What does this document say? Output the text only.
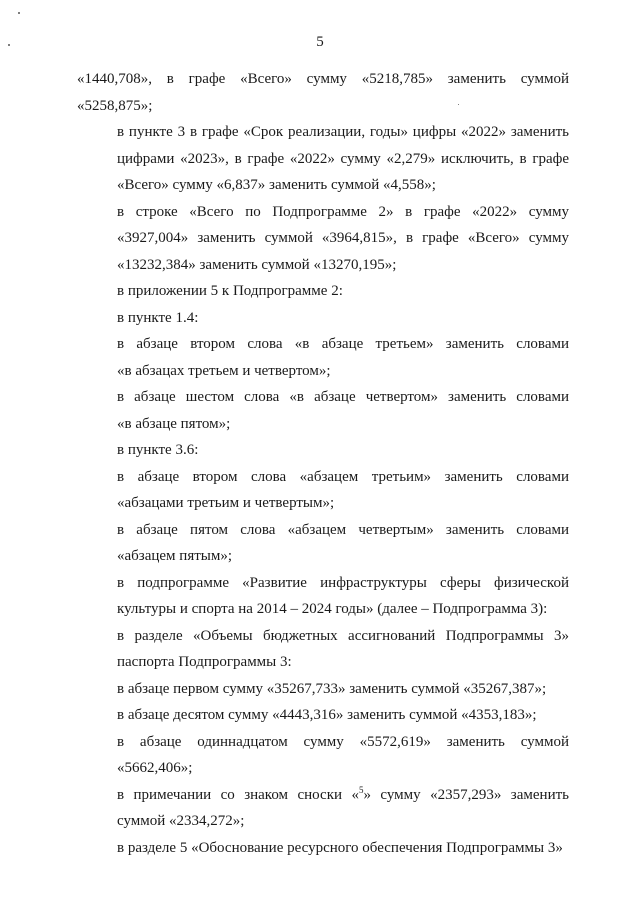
5

«1440,708», в графе «Всего» сумму «5218,785» заменить суммой
«5258,875»;

в пункте 3 в графе «Срок реализации, годы» цифры «2022» заменить
цифрами «2023», в графе «2022» сумму «2,279» исключить, в графе
«Всего» сумму «6,837» заменить суммой «4,558»;

в строке «Всего по Подпрограмме 2» в графе «2022» сумму
«3927,004» заменить суммой «3964,815», в графе «Всего» сумму
«13232,384» заменить суммой «13270,195»;

в приложении 5 к Подпрограмме 2:

в пункте 1.4:

в абзаце втором слова «в абзаце третьем» заменить словами
«в абзацах третьем и четвертом»;

в абзаце шестом слова «в абзаце четвертом» заменить словами
«в абзаце пятом»;

в пункте 3.6:

в абзаце втором слова «абзацем третьим» заменить словами
«абзацами третьим и четвертым»;

в абзаце пятом слова «абзацем четвертым» заменить словами
«абзацем пятым»;

в подпрограмме «Развитие инфраструктуры сферы физической
культуры и спорта на 2014 – 2024 годы» (далее – Подпрограмма 3):

в разделе «Объемы бюджетных ассигнований Подпрограммы 3»
паспорта Подпрограммы 3:

в абзаце первом сумму «35267,733» заменить суммой «35267,387»;

в абзаце десятом сумму «4443,316» заменить суммой «4353,183»;

в абзаце одиннадцатом сумму «5572,619» заменить суммой
«5662,406»;

в примечании со знаком сноски «$^5$» сумму «2357,293» заменить
суммой «2334,272»;

в разделе 5 «Обоснование ресурсного обеспечения Подпрограммы 3»
